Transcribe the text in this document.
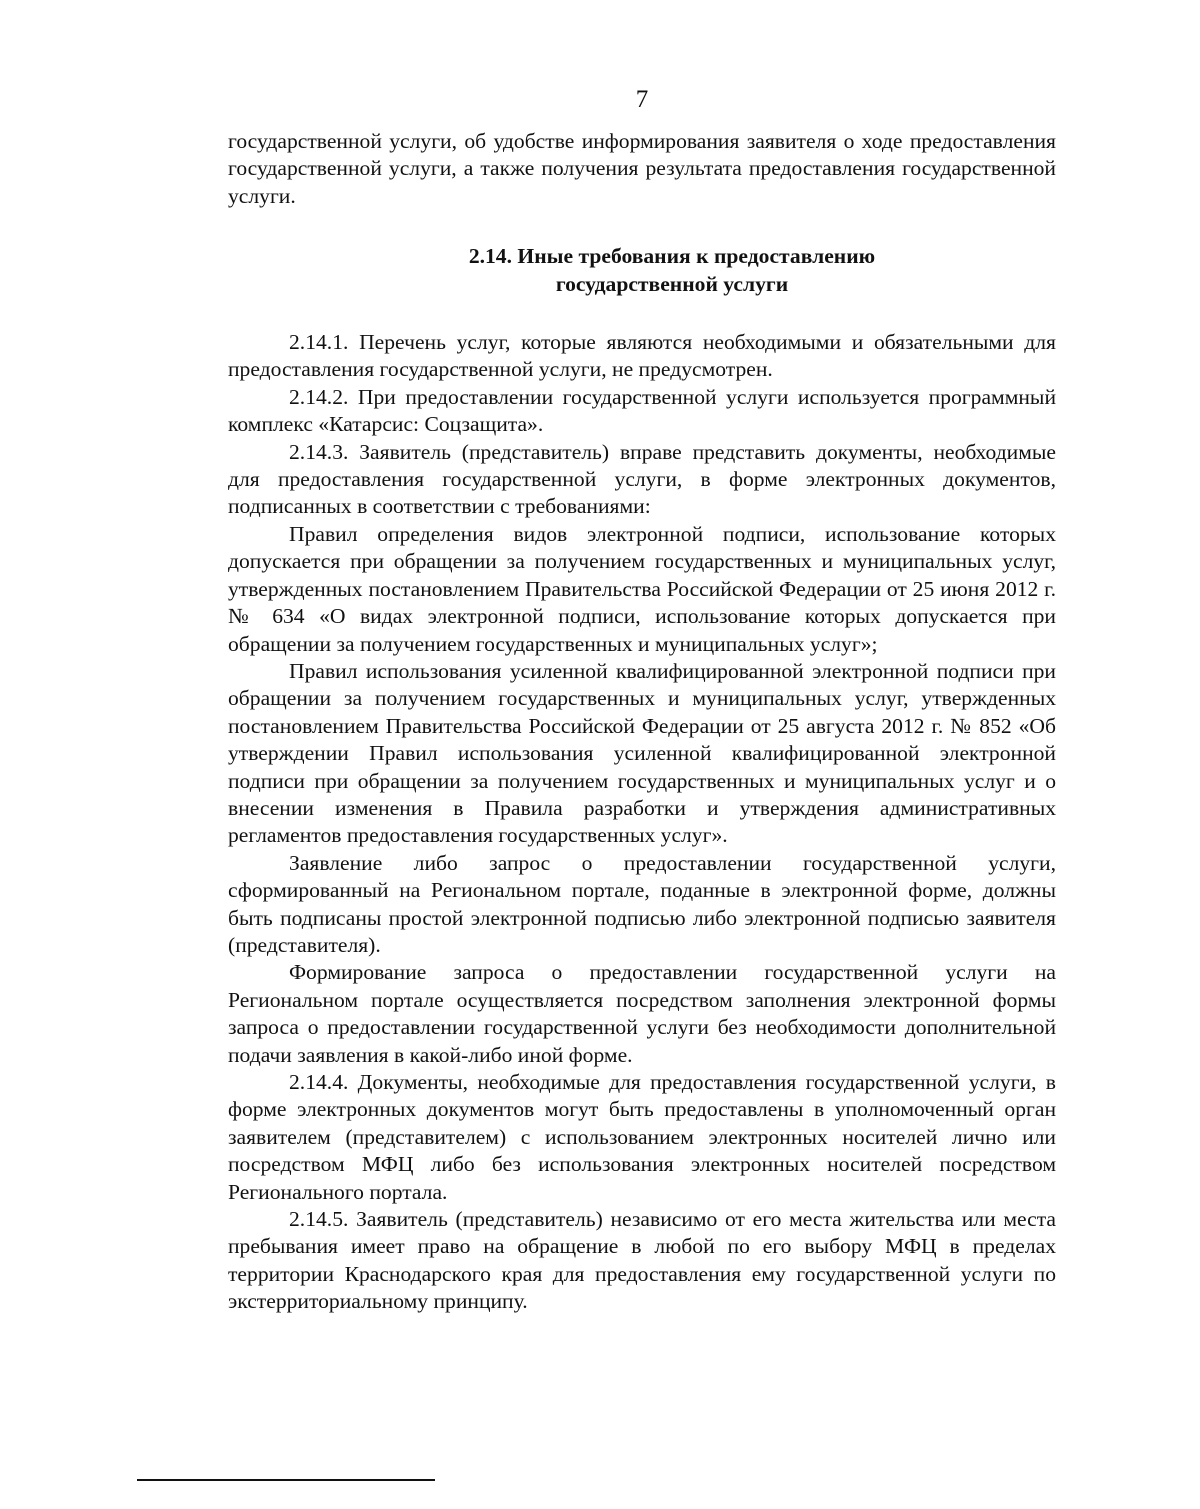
7

государственной услуги, об удобстве информирования заявителя о ходе предоставления государственной услуги, а также получения результата предоставления государственной услуги.

2.14. Иные требования к предоставлению
государственной услуги

2.14.1. Перечень услуг, которые являются необходимыми и обязательными для предоставления государственной услуги, не предусмотрен.

2.14.2. При предоставлении государственной услуги используется программный комплекс «Катарсис: Соцзащита».

2.14.3. Заявитель (представитель) вправе представить документы, необходимые для предоставления государственной услуги, в форме электронных документов, подписанных в соответствии с требованиями:

Правил определения видов электронной подписи, использование которых допускается при обращении за получением государственных и муниципальных услуг, утвержденных постановлением Правительства Российской Федерации от 25 июня 2012 г. № 634 «О видах электронной подписи, использование которых допускается при обращении за получением государственных и муниципальных услуг»;

Правил использования усиленной квалифицированной электронной подписи при обращении за получением государственных и муниципальных услуг, утвержденных постановлением Правительства Российской Федерации от 25 августа 2012 г. № 852 «Об утверждении Правил использования усиленной квалифицированной электронной подписи при обращении за получением государственных и муниципальных услуг и о внесении изменения в Правила разработки и утверждения административных регламентов предоставления государственных услуг».

Заявление либо запрос о предоставлении государственной услуги, сформированный на Региональном портале, поданные в электронной форме, должны быть подписаны простой электронной подписью либо электронной подписью заявителя (представителя).

Формирование запроса о предоставлении государственной услуги на Региональном портале осуществляется посредством заполнения электронной формы запроса о предоставлении государственной услуги без необходимости дополнительной подачи заявления в какой-либо иной форме.

2.14.4. Документы, необходимые для предоставления государственной услуги, в форме электронных документов могут быть предоставлены в уполномоченный орган заявителем (представителем) с использованием электронных носителей лично или посредством МФЦ либо без использования электронных носителей посредством Регионального портала.

2.14.5. Заявитель (представитель) независимо от его места жительства или места пребывания имеет право на обращение в любой по его выбору МФЦ в пределах территории Краснодарского края для предоставления ему государственной услуги по экстерриториальному принципу.
